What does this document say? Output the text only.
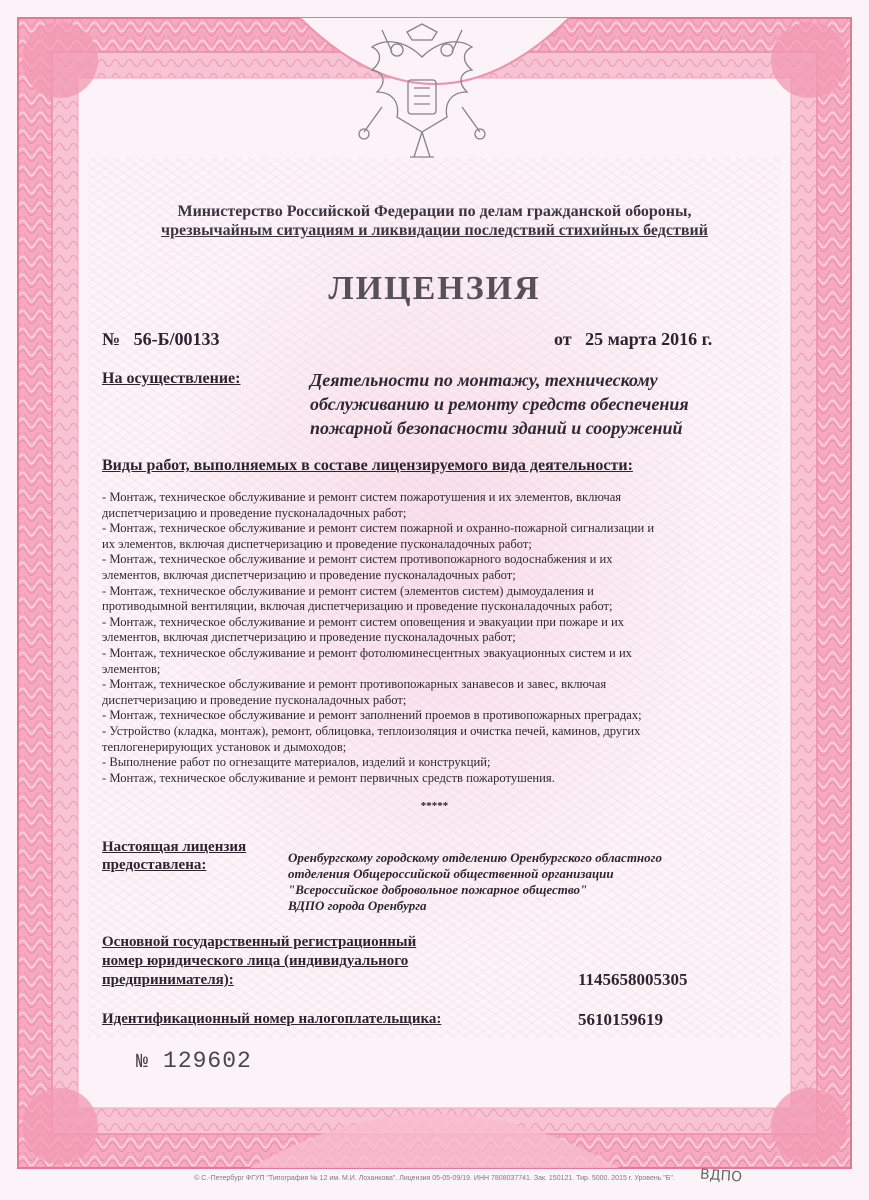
Министерство Российской Федерации по делам гражданской обороны,
чрезвычайным ситуациям и ликвидации последствий стихийных бедствий
ЛИЦЕНЗИЯ
№ 56-Б/00133	от 25 марта 2016 г.
На осуществление:	Деятельности по монтажу, техническому
обслуживанию и ремонту средств обеспечения
пожарной безопасности зданий и сооружений
Виды работ, выполняемых в составе лицензируемого вида деятельности:
- Монтаж, техническое обслуживание и ремонт систем пожаротушения и их элементов, включая
диспетчеризацию и проведение пусконаладочных работ;
- Монтаж, техническое обслуживание и ремонт систем пожарной и охранно-пожарной сигнализации и
их элементов, включая диспетчеризацию и проведение пусконаладочных работ;
- Монтаж, техническое обслуживание и ремонт систем противопожарного водоснабжения и их
элементов, включая диспетчеризацию и проведение пусконаладочных работ;
- Монтаж, техническое обслуживание и ремонт систем (элементов систем) дымоудаления и
противодымной вентиляции, включая диспетчеризацию и проведение пусконаладочных работ;
- Монтаж, техническое обслуживание и ремонт систем оповещения и эвакуации при пожаре и их
элементов, включая диспетчеризацию и проведение пусконаладочных работ;
- Монтаж, техническое обслуживание и ремонт фотолюминесцентных эвакуационных систем и их
элементов;
- Монтаж, техническое обслуживание и ремонт противопожарных занавесов и завес, включая
диспетчеризацию и проведение пусконаладочных работ;
- Монтаж, техническое обслуживание и ремонт заполнений проемов в противопожарных преградах;
- Устройство (кладка, монтаж), ремонт, облицовка, теплоизоляция и очистка печей, каминов, других
теплогенерирующих установок и дымоходов;
- Выполнение работ по огнезащите материалов, изделий и конструкций;
- Монтаж, техническое обслуживание и ремонт первичных средств пожаротушения.
*****
Настоящая лицензия
предоставлена:	Оренбургскому городскому отделению Оренбургского областного
отделения Общероссийской общественной организации
"Всероссийское добровольное пожарное общество"
ВДПО города Оренбурга
Основной государственный регистрационный
номер юридического лица (индивидуального
предпринимателя):	1145658005305
Идентификационный номер налогоплательщика:	5610159619
№ 129602
© С.-Петербург ФГУП "Типография № 12 им. М.И. Лоханкова". Лицензия 05-05-09/19. ИНН 7808037741. Зак. 150121. Тир. 5000. 2015 г. Уровень "Б".	ВДПО
